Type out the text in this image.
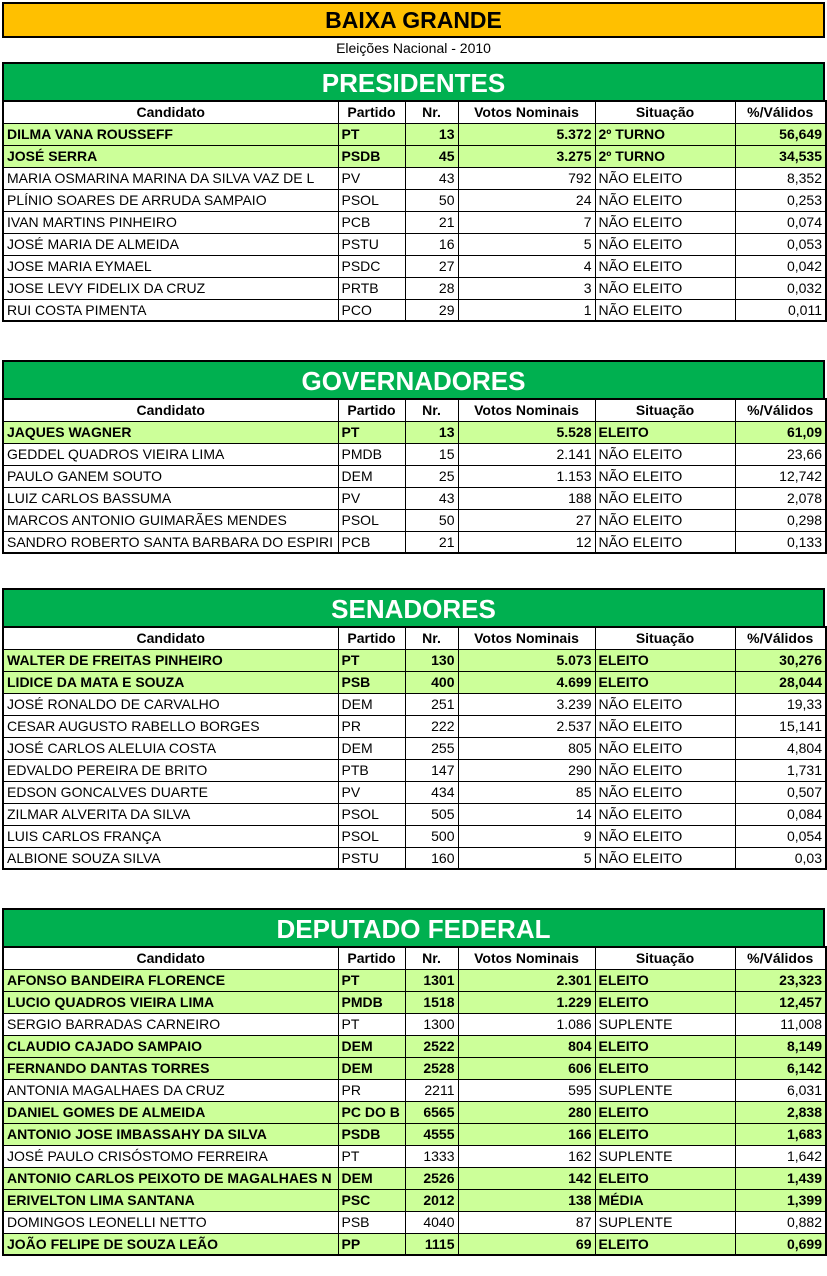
BAIXA GRANDE
Eleições Nacional - 2010
PRESIDENTES
Candidato	Partido	Nr.	Votos Nominais	Situação	%/Válidos
DILMA VANA ROUSSEFF	PT	13	5.372	2º TURNO	56,649
JOSÉ SERRA	PSDB	45	3.275	2º TURNO	34,535
MARIA OSMARINA MARINA DA SILVA VAZ DE L	PV	43	792	NÃO ELEITO	8,352
PLÍNIO SOARES DE ARRUDA SAMPAIO	PSOL	50	24	NÃO ELEITO	0,253
IVAN MARTINS PINHEIRO	PCB	21	7	NÃO ELEITO	0,074
JOSÉ MARIA DE ALMEIDA	PSTU	16	5	NÃO ELEITO	0,053
JOSE MARIA EYMAEL	PSDC	27	4	NÃO ELEITO	0,042
JOSE LEVY FIDELIX DA CRUZ	PRTB	28	3	NÃO ELEITO	0,032
RUI COSTA PIMENTA	PCO	29	1	NÃO ELEITO	0,011
GOVERNADORES
Candidato	Partido	Nr.	Votos Nominais	Situação	%/Válidos
JAQUES WAGNER	PT	13	5.528	ELEITO	61,09
GEDDEL QUADROS VIEIRA LIMA	PMDB	15	2.141	NÃO ELEITO	23,66
PAULO GANEM SOUTO	DEM	25	1.153	NÃO ELEITO	12,742
LUIZ CARLOS BASSUMA	PV	43	188	NÃO ELEITO	2,078
MARCOS ANTONIO GUIMARÃES MENDES	PSOL	50	27	NÃO ELEITO	0,298
SANDRO ROBERTO SANTA BARBARA DO ESPIRI	PCB	21	12	NÃO ELEITO	0,133
SENADORES
Candidato	Partido	Nr.	Votos Nominais	Situação	%/Válidos
WALTER DE FREITAS PINHEIRO	PT	130	5.073	ELEITO	30,276
LIDICE DA MATA E SOUZA	PSB	400	4.699	ELEITO	28,044
JOSÉ RONALDO DE CARVALHO	DEM	251	3.239	NÃO ELEITO	19,33
CESAR AUGUSTO RABELLO BORGES	PR	222	2.537	NÃO ELEITO	15,141
JOSÉ CARLOS ALELUIA COSTA	DEM	255	805	NÃO ELEITO	4,804
EDVALDO PEREIRA DE BRITO	PTB	147	290	NÃO ELEITO	1,731
EDSON GONCALVES DUARTE	PV	434	85	NÃO ELEITO	0,507
ZILMAR ALVERITA DA SILVA	PSOL	505	14	NÃO ELEITO	0,084
LUIS CARLOS FRANÇA	PSOL	500	9	NÃO ELEITO	0,054
ALBIONE SOUZA SILVA	PSTU	160	5	NÃO ELEITO	0,03
DEPUTADO FEDERAL
Candidato	Partido	Nr.	Votos Nominais	Situação	%/Válidos
AFONSO BANDEIRA FLORENCE	PT	1301	2.301	ELEITO	23,323
LUCIO QUADROS VIEIRA LIMA	PMDB	1518	1.229	ELEITO	12,457
SERGIO BARRADAS CARNEIRO	PT	1300	1.086	SUPLENTE	11,008
CLAUDIO CAJADO SAMPAIO	DEM	2522	804	ELEITO	8,149
FERNANDO DANTAS TORRES	DEM	2528	606	ELEITO	6,142
ANTONIA MAGALHAES DA CRUZ	PR	2211	595	SUPLENTE	6,031
DANIEL GOMES DE ALMEIDA	PC DO B	6565	280	ELEITO	2,838
ANTONIO JOSE IMBASSAHY DA SILVA	PSDB	4555	166	ELEITO	1,683
JOSÉ PAULO CRISÓSTOMO FERREIRA	PT	1333	162	SUPLENTE	1,642
ANTONIO CARLOS PEIXOTO DE MAGALHAES N	DEM	2526	142	ELEITO	1,439
ERIVELTON LIMA SANTANA	PSC	2012	138	MÉDIA	1,399
DOMINGOS LEONELLI NETTO	PSB	4040	87	SUPLENTE	0,882
JOÃO FELIPE DE SOUZA LEÃO	PP	1115	69	ELEITO	0,699
